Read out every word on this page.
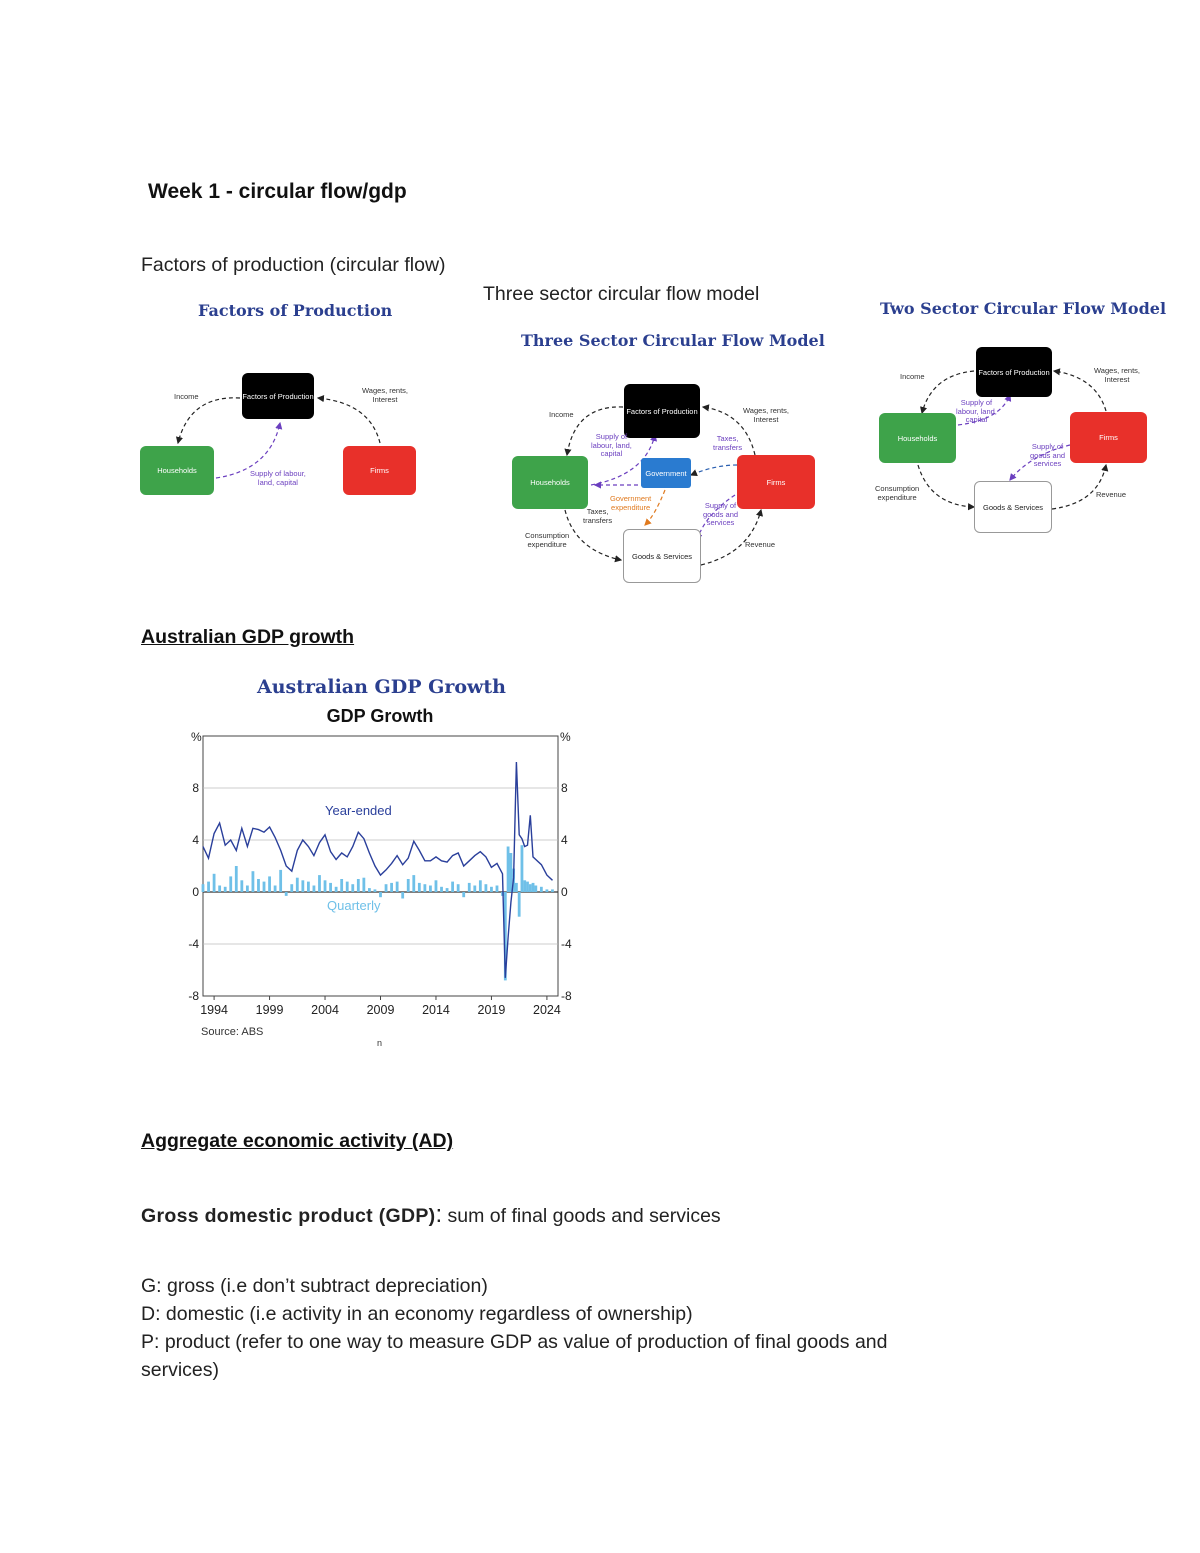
Week 1 - circular flow/gdp
Factors of production (circular flow)
Three sector circular flow model
Factors of Production
Factors of Production
Households	Firms
Income
Wages, rents,
Interest
Supply of labour,
land, capital
Three Sector Circular Flow Model
Factors of Production
Households	Firms
Government
Goods & Services
Income	Wages, rents,
Interest
Supply of
labour, land,
capital
Taxes,
transfers
Government
expenditure
Taxes,
transfers
Supply of
goods and
services
Consumption
expenditure	Revenue
Two Sector Circular Flow Model
Factors of Production
Households	Firms
Goods & Services
Income
Wages, rents,
Interest
Supply of
labour, land,
capital
Supply of
goods and
services
Consumption
expenditure	Revenue
Australian GDP growth
Australian GDP Growth
GDP Growth
%	%
-8	-8
-4	-4
0	0
4	4
8	8
1994 1999 2004 2009 2014 2019 2024
Year-ended
Quarterly
Source: ABS
n
Aggregate economic activity (AD)
Gross domestic product (GDP): sum of final goods and services
G: gross (i.e don’t subtract depreciation)
D: domestic (i.e activity in an economy regardless of ownership)
P: product (refer to one way to measure GDP as value of production of final goods and
services)
